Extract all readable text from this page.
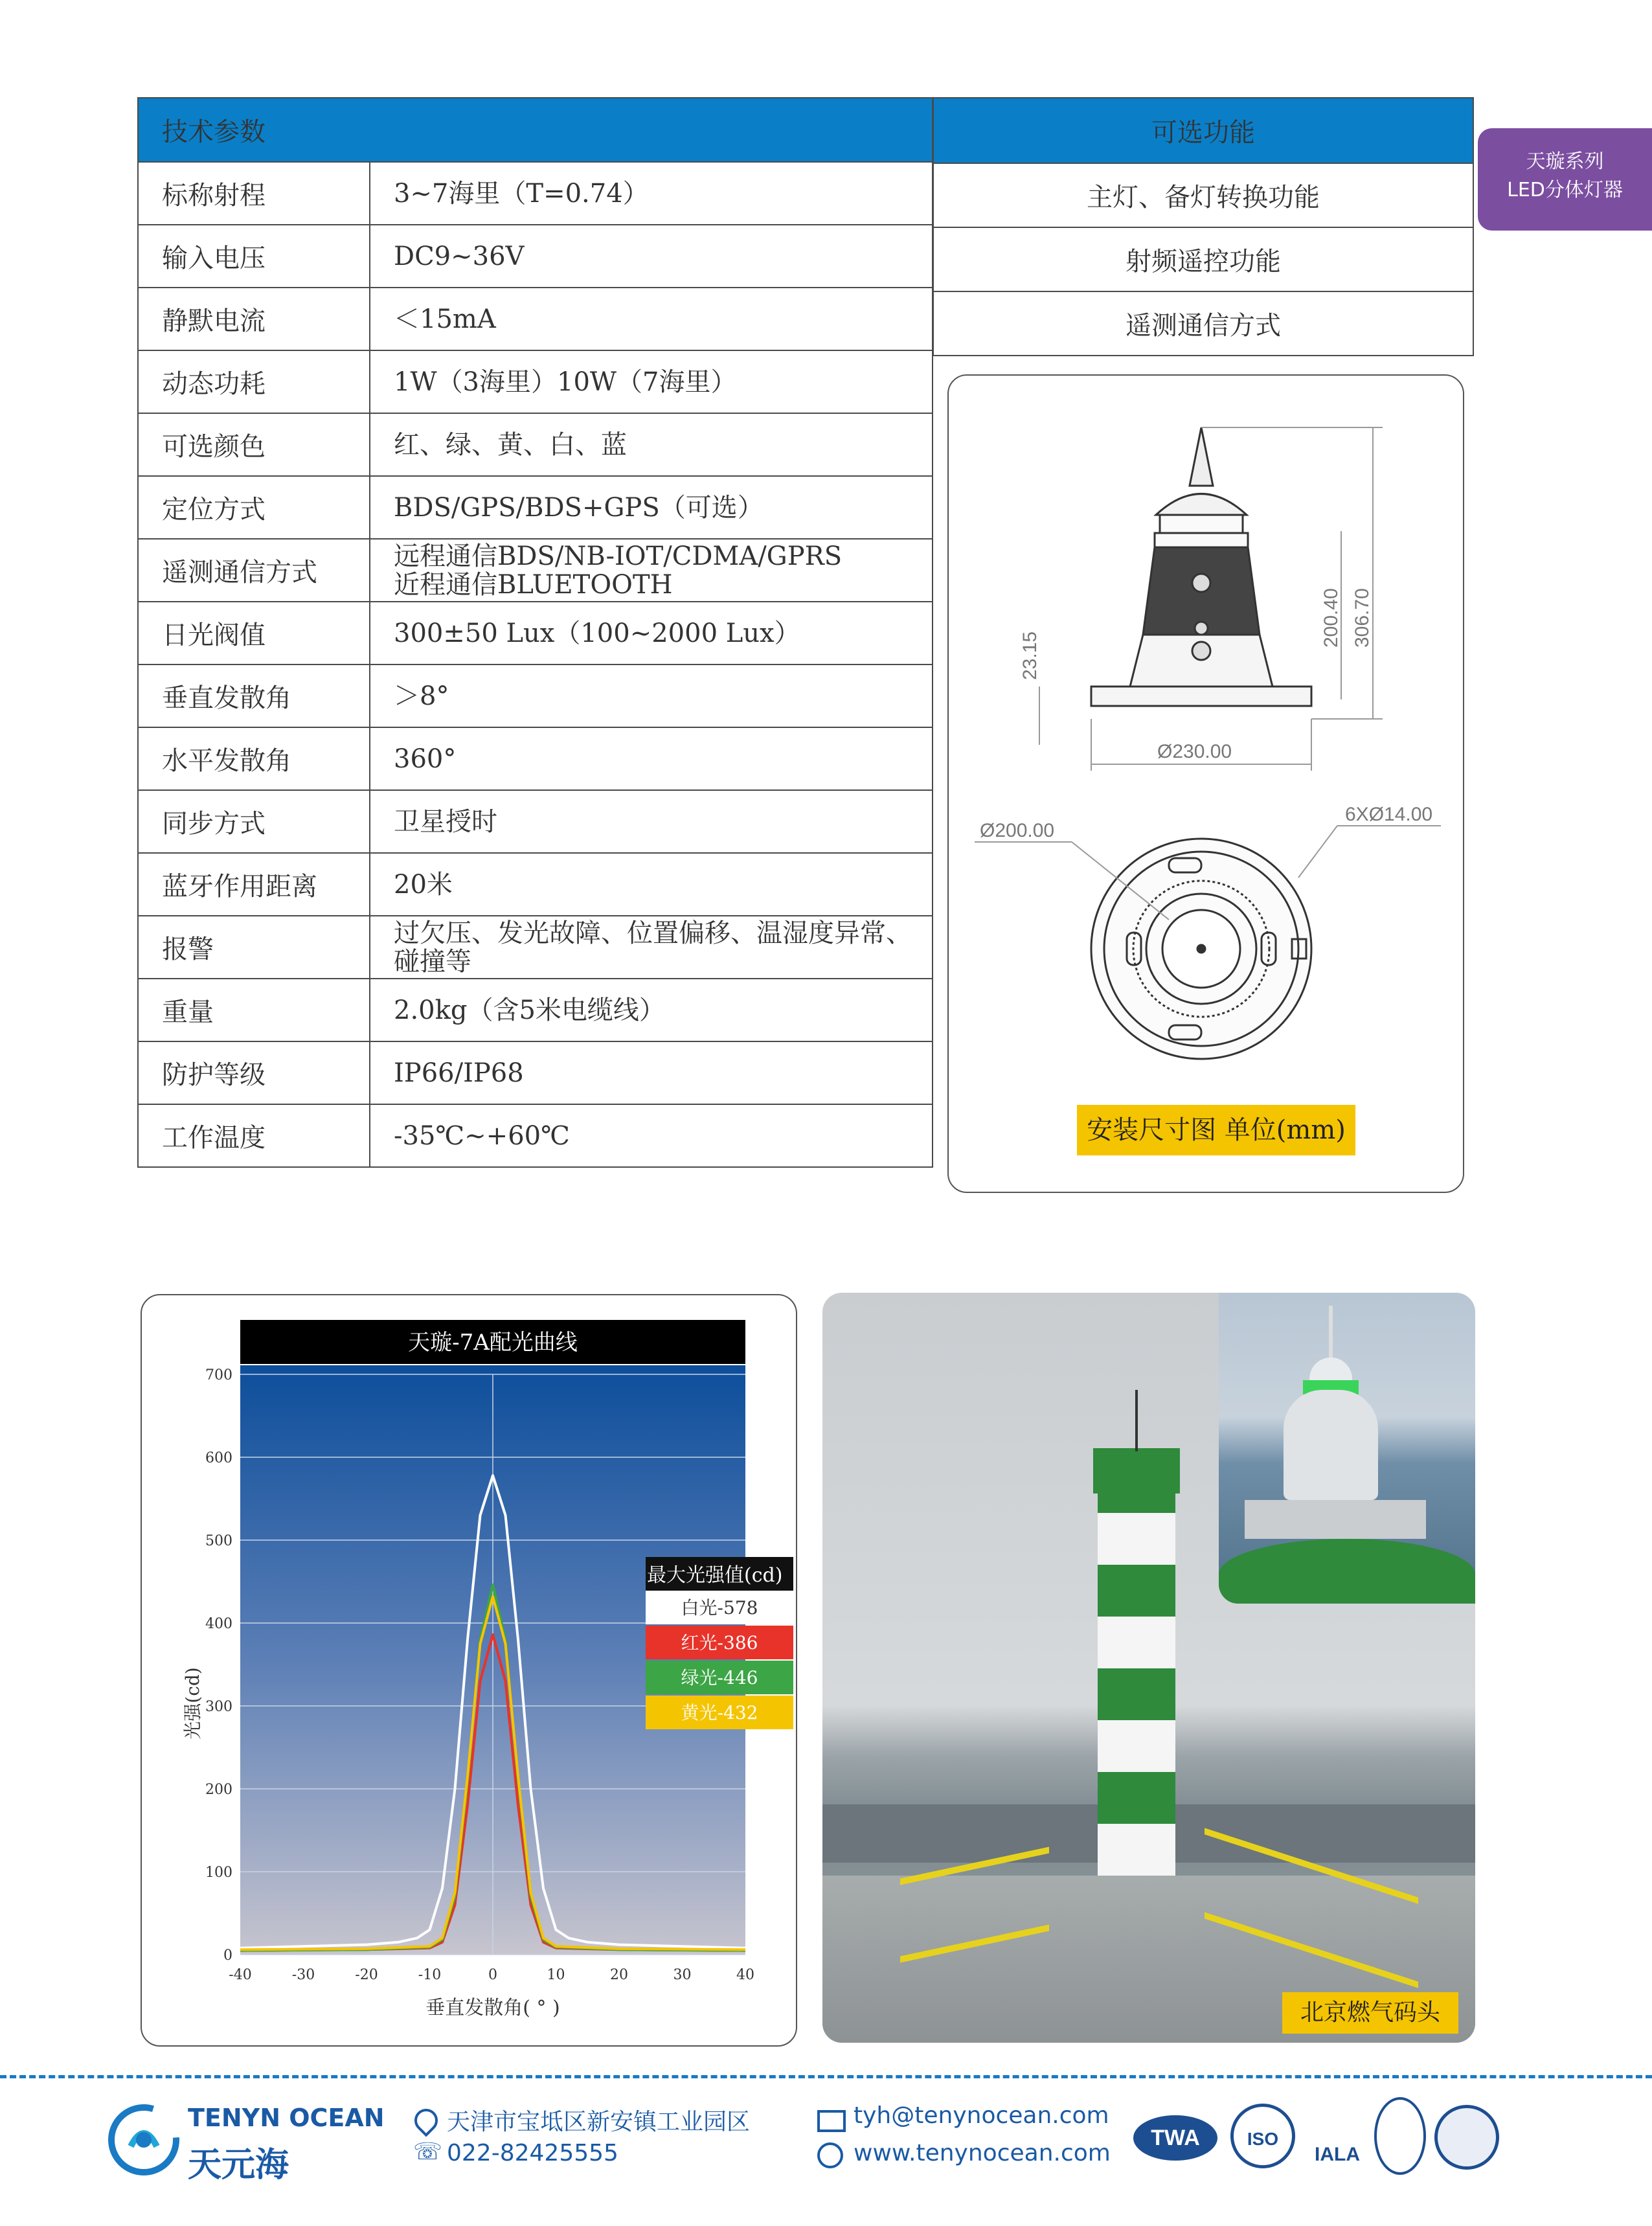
天璇系列
LED分体灯器
技术参数	
标称射程	3~7海里（T=0.74）

输入电压	DC9~36V

静默电流	＜15mA

动态功耗	1W（3海里）10W（7海里）

可选颜色	红、绿、黄、白、蓝

定位方式	BDS/GPS/BDS+GPS（可选）

遥测通信方式	远程通信BDS/NB-IOT/CDMA/GPRS
近程通信BLUETOOTH

日光阀值	300±50 Lux（100~2000 Lux）

垂直发散角	＞8°

水平发散角	360°

同步方式	卫星授时

蓝牙作用距离	20米

报警	过欠压、发光故障、位置偏移、温湿度异常、
碰撞等

重量	2.0kg（含5米电缆线）

防护等级	IP66/IP68

工作温度	-35℃~+60℃
可选功能
主灯、备灯转换功能
射频遥控功能
遥测通信方式
200.40 306.70
23.15
Ø230.00
Ø200.00
6XØ14.00
安装尺寸图 单位(mm)
天璇-7A配光曲线
0
100
200
300
400
500
600
700
-40	-30	-20	-10	0	10	20	30	40
垂直发散角( ° )
光强(cd)
最大光强值(cd)
白光-578
红光-386
绿光-446
黄光-432
北京燃气码头
TENYN OCEAN
天元海
天津市宝坻区新安镇工业园区
☏ 022-82425555
tyh@tenynocean.com
www.tenynocean.com
TWA	ISO
IALA
